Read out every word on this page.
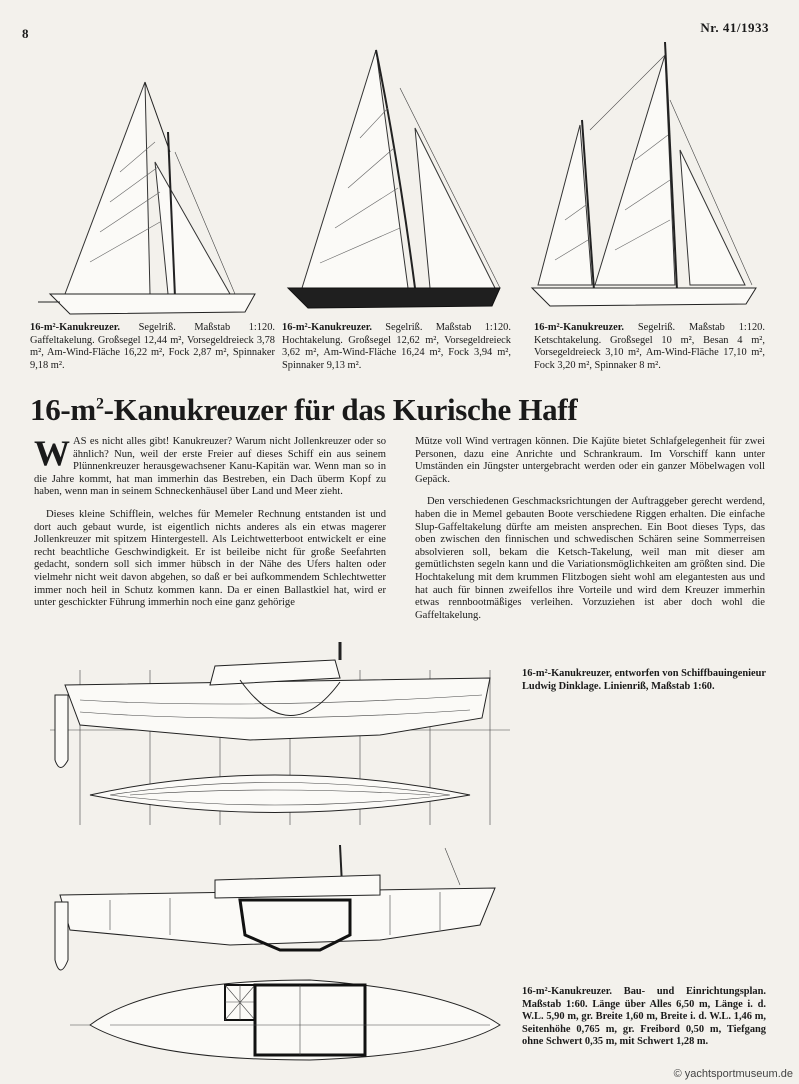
8	Nr. 41/1933
16-m²-Kanukreuzer. Segelriß. Maßstab 1:120. Gaffeltakelung. Großsegel 12,44 m², Vorsegeldreieck 3,78 m², Am-Wind-Fläche 16,22 m², Fock 2,87 m², Spinnaker 9,18 m².
16-m²-Kanukreuzer. Segelriß. Maßstab 1:120. Hochtakelung. Großsegel 12,62 m², Vorsegeldreieck 3,62 m², Am-Wind-Fläche 16,24 m², Fock 3,94 m², Spinnaker 9,13 m².
16-m²-Kanukreuzer. Segelriß. Maßstab 1:120. Ketschtakelung. Großsegel 10 m², Besan 4 m², Vorsegeldreieck 3,10 m², Am-Wind-Fläche 17,10 m², Fock 3,20 m², Spinnaker 8 m².
$16-m^2$-Kanukreuzer für das Kurische Haff

WAS es nicht alles gibt! Kanukreuzer? Warum nicht Jollenkreuzer oder so ähnlich? Nun, weil der erste Freier auf dieses Schiff ein aus seinem Plünnenkreuzer herausgewachsener Kanu-Kapitän war. Wenn man so in die Jahre kommt, hat man immerhin das Bestreben, ein Dach überm Kopf zu haben, wenn man in seinem Schneckenhäusel über Land und Meer zieht.

Dieses kleine Schifflein, welches für Memeler Rechnung entstanden ist und dort auch gebaut wurde, ist eigentlich nichts anderes als ein etwas magerer Jollenkreuzer mit spitzem Hintergestell. Als Leichtwetterboot entwickelt er eine recht beachtliche Geschwindigkeit. Er ist beileibe nicht für große Seefahrten gedacht, sondern soll sich immer hübsch in der Nähe des Ufers halten oder vielmehr nicht weit davon abgehen, so daß er bei aufkommendem Schlechtwetter immer noch heil in Schutz kommen kann. Da er einen Ballastkiel hat, wird er unter geschickter Führung immerhin noch eine ganz gehörige

Mütze voll Wind vertragen können. Die Kajüte bietet Schlafgelegenheit für zwei Personen, dazu eine Anrichte und Schrankraum. Im Vorschiff kann unter Umständen ein Jüngster untergebracht werden oder ein ganzer Möbelwagen voll Gepäck.

Den verschiedenen Geschmacksrichtungen der Auftraggeber gerecht werdend, haben die in Memel gebauten Boote verschiedene Riggen erhalten. Die einfache Slup-Gaffeltakelung dürfte am meisten ansprechen. Ein Boot dieses Typs, das oben zwischen den finnischen und schwedischen Schären seine Sommerreisen absolvieren soll, bekam die Ketsch-Takelung, weil man mit dieser am gemütlichsten segeln kann und die Variationsmöglichkeiten am größten sind. Die Hochtakelung mit dem krummen Flitzbogen sieht wohl am elegantesten aus und hat auch für binnen zweifellos ihre Vorteile und wird dem Kreuzer immerhin etwas rennbootmäßiges verleihen. Vorzuziehen ist aber doch wohl die Gaffeltakelung.

16-m²-Kanukreuzer, entworfen von Schiffbauingenieur Ludwig Dinklage. Linienriß, Maßstab 1:60.
16-m²-Kanukreuzer. Bau- und Einrichtungsplan. Maßstab 1:60. Länge über Alles 6,50 m, Länge i. d. W.L. 5,90 m, gr. Breite 1,60 m, Breite i. d. W.L. 1,46 m, Seitenhöhe 0,765 m, gr. Freibord 0,50 m, Tiefgang ohne Schwert 0,35 m, mit Schwert 1,28 m.
© yachtsportmuseum.de
